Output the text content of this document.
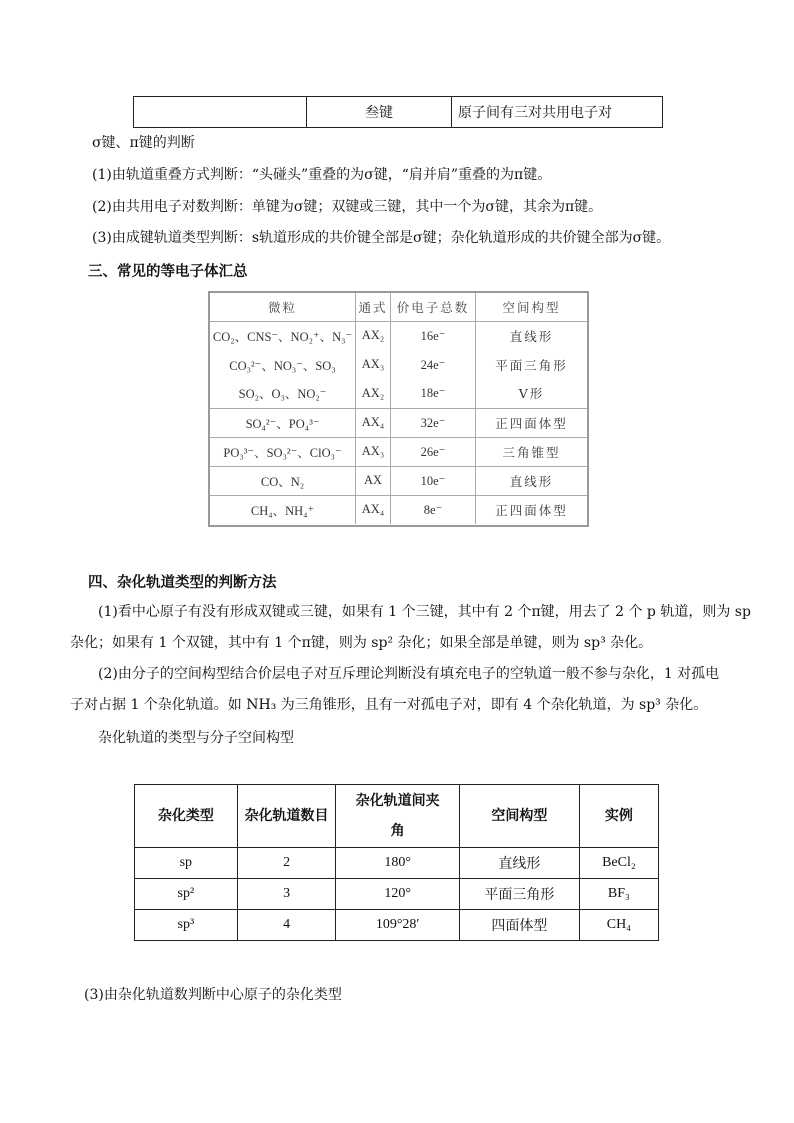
	叁键	原子间有三对共用电子对
σ键、π键的判断
(1)由轨道重叠方式判断：“头碰头”重叠的为σ键，“肩并肩”重叠的为π键。
(2)由共用电子对数判断：单键为σ键；双键或三键，其中一个为σ键，其余为π键。
(3)由成键轨道类型判断：s轨道形成的共价键全部是σ键；杂化轨道形成的共价键全部为σ键。
三、常见的等电子体汇总
微粒	通式	价电子总数	空间构型
CO₂、CNS⁻、NO₂⁺、N₃⁻	AX₂	16e⁻	直线形
CO₃²⁻、NO₃⁻、SO₃	AX₃	24e⁻	平面三角形
SO₂、O₃、NO₂⁻	AX₂	18e⁻	V形
SO₄²⁻、PO₄³⁻	AX₄	32e⁻	正四面体型
PO₃³⁻、SO₃²⁻、ClO₃⁻	AX₃	26e⁻	三角锥型
CO、N₂	AX	10e⁻	直线形
CH₄、NH₄⁺	AX₄	8e⁻	正四面体型
四、杂化轨道类型的判断方法
(1)看中心原子有没有形成双键或三键，如果有 1 个三键，其中有 2 个π键，用去了 2 个 p 轨道，则为 sp
杂化；如果有 1 个双键，其中有 1 个π键，则为 sp² 杂化；如果全部是单键，则为 sp³ 杂化。
(2)由分子的空间构型结合价层电子对互斥理论判断没有填充电子的空轨道一般不参与杂化，1 对孤电
子对占据 1 个杂化轨道。如 NH₃ 为三角锥形，且有一对孤电子对，即有 4 个杂化轨道，为 sp³ 杂化。
杂化轨道的类型与分子空间构型
杂化类型	杂化轨道数目	杂化轨道间夹角	空间构型	实例
sp	2	180°	直线形	BeCl₂
sp²	3	120°	平面三角形	BF₃
sp³	4	109°28′	四面体型	CH₄
(3)由杂化轨道数判断中心原子的杂化类型
